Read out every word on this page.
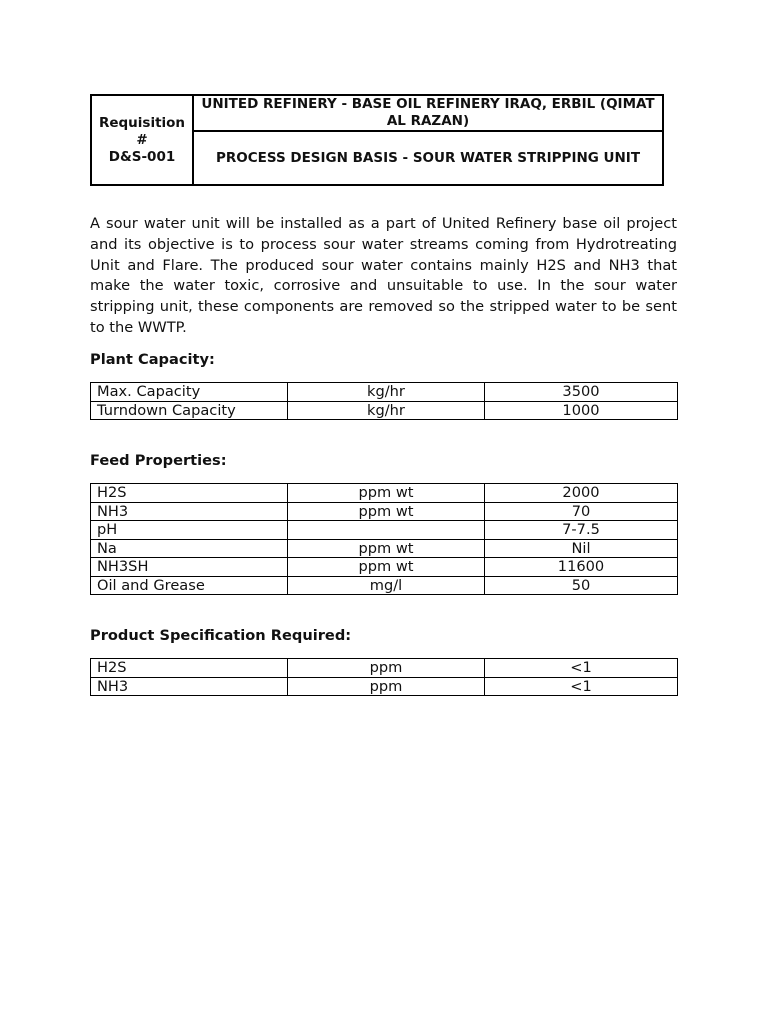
Requisition #
D&S-001
	UNITED REFINERY - BASE OIL REFINERY IRAQ, ERBIL (QIMAT AL RAZAN)
PROCESS DESIGN BASIS - SOUR WATER STRIPPING UNIT

A sour water unit will be installed as a part of United Refinery base oil project and its objective is to process sour water streams coming from Hydrotreating Unit and Flare. The produced sour water contains mainly H2S and NH3 that make the water toxic, corrosive and unsuitable to use. In the sour water stripping unit, these components are removed so the stripped water to be sent to the WWTP.

Plant Capacity:
Max. Capacity	kg/hr	3500
Turndown Capacity	kg/hr	1000
Feed Properties:
H2S	ppm wt	2000
NH3	ppm wt	70
pH		7-7.5
Na	ppm wt	Nil
NH3SH	ppm wt	11600
Oil and Grease	mg/l	50
Product Specification Required:
H2S	ppm	<1
NH3	ppm	<1
